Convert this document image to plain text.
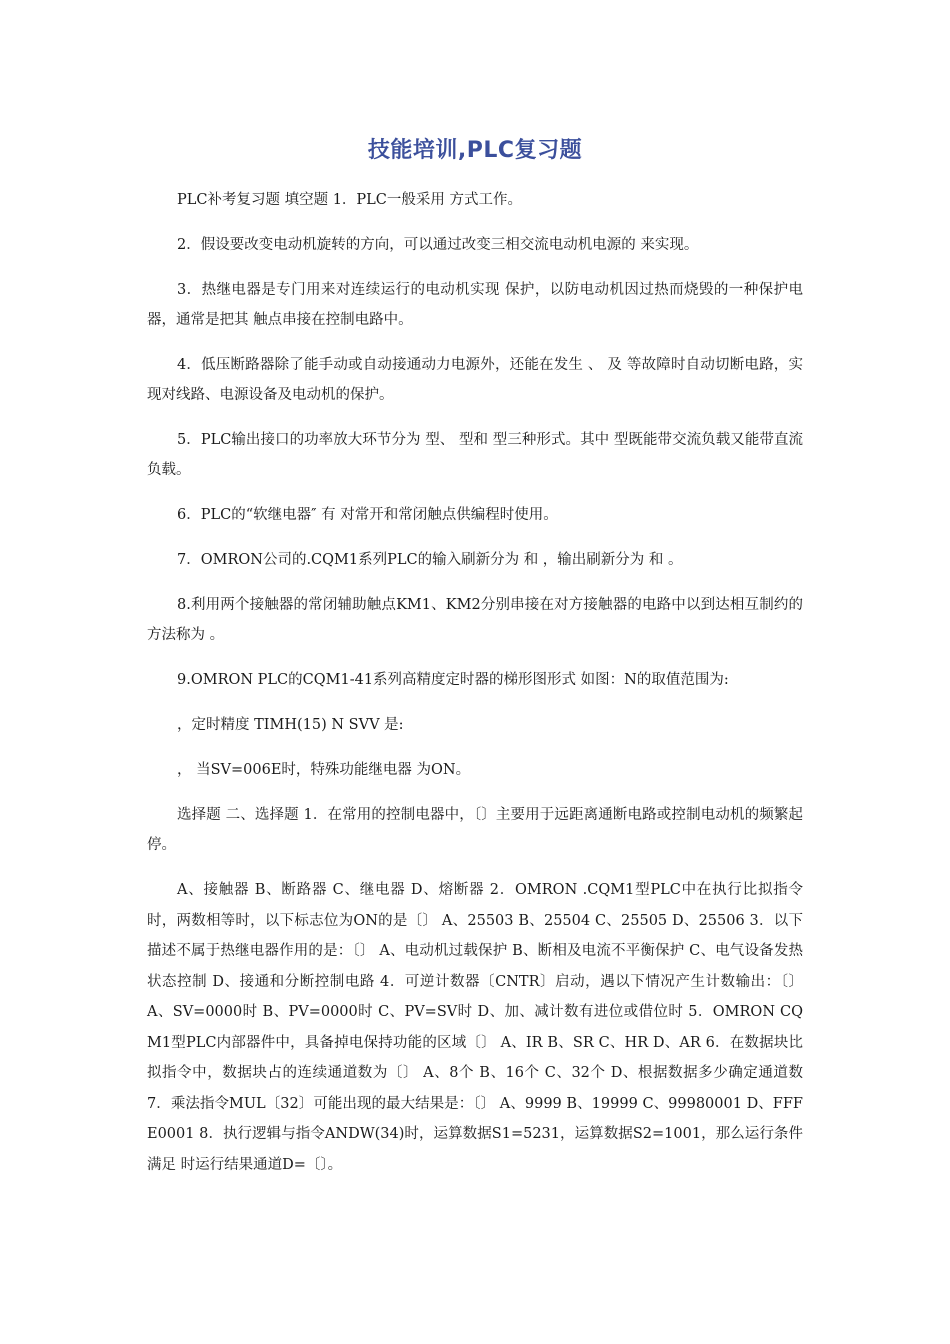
技能培训,PLC复习题

PLC补考复习题 填空题 1．PLC一般采用 方式工作。

2．假设要改变电动机旋转的方向，可以通过改变三相交流电动机电源的 来实现。

3．热继电器是专门用来对连续运行的电动机实现 保护，以防电动机因过热而烧毁的一种保护电器，通常是把其 触点串接在控制电路中。

4．低压断路器除了能手动或自动接通动力电源外，还能在发生 、 及 等故障时自动切断电路，实现对线路、电源设备及电动机的保护。

5．PLC输出接口的功率放大环节分为 型、 型和 型三种形式。其中 型既能带交流负载又能带直流负载。

6．PLC的“软继电器″ 有 对常开和常闭触点供编程时使用。

7．OMRON公司的.CQM1系列PLC的输入刷新分为 和 ，输出刷新分为 和 。

8.利用两个接触器的常闭辅助触点KM1、KM2分别串接在对方接触器的电路中以到达相互制约的方法称为 。

9.OMRON PLC的CQM1-41系列高精度定时器的梯形图形式 如图：N的取值范围为:

，定时精度 TIMH(15) N SVV 是:

， 当SV=006E时，特殊功能继电器 为ON。

选择题 二、选择题 1．在常用的控制电器中，〔〕主要用于远距离通断电路或控制电动机的频繁起停。

A、接触器 B、断路器 C、继电器 D、熔断器 2．OMRON .CQM1型PLC中在执行比拟指令时，两数相等时，以下标志位为ON的是〔〕 A、25503 B、25504 C、25505 D、25506 3．以下描述不属于热继电器作用的是：〔〕 A、电动机过载保护 B、断相及电流不平衡保护 C、电气设备发热状态控制 D、接通和分断控制电路 4．可逆计数器〔CNTR〕启动，遇以下情况产生计数输出：〔〕 A、SV=0000时 B、PV=0000时 C、PV=SV时 D、加、减计数有进位或借位时 5．OMRON CQM1型PLC内部器件中，具备掉电保持功能的区域〔〕 A、IR B、SR C、HR D、AR 6．在数据块比拟指令中，数据块占的连续通道数为〔〕 A、8个 B、16个 C、32个 D、根据数据多少确定通道数 7．乘法指令MUL〔32〕可能出现的最大结果是：〔〕 A、9999 B、19999 C、99980001 D、FFFE0001 8．执行逻辑与指令ANDW(34)时，运算数据S1=5231，运算数据S2=1001，那么运行条件满足 时运行结果通道D=〔〕。
